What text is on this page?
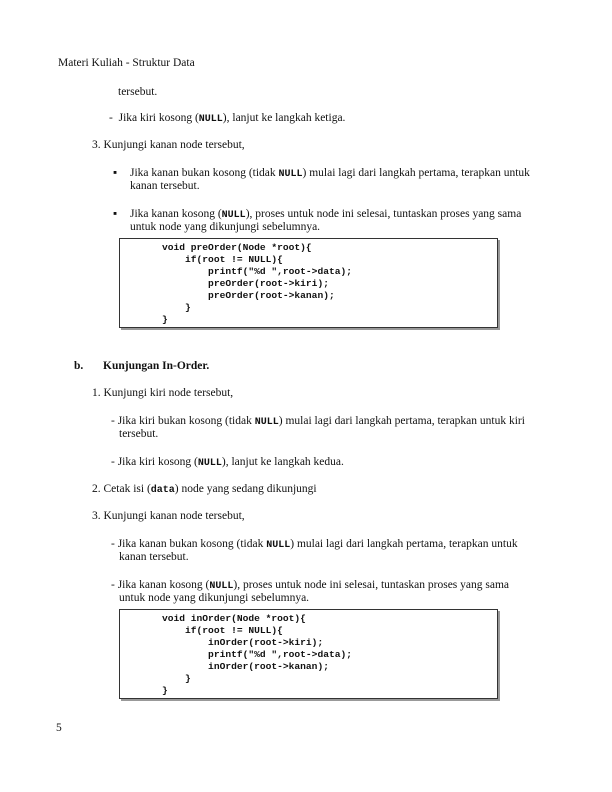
Materi Kuliah - Struktur Data
tersebut.
-  Jika kiri kosong (NULL), lanjut ke langkah ketiga.
3. Kunjungi kanan node tersebut,
▪ Jika kanan bukan kosong (tidak NULL) mulai lagi dari langkah pertama, terapkan untuk
kanan tersebut.
▪ Jika kanan kosong (NULL), proses untuk node ini selesai, tuntaskan proses yang sama
untuk node yang dikunjungi sebelumnya.
void preOrder(Node *root){
if(root != NULL){
printf("%d ",root->data);
preOrder(root->kiri);
preOrder(root->kanan);
}
}
b. Kunjungan In-Order.
1. Kunjungi kiri node tersebut,
- Jika kiri bukan kosong (tidak NULL) mulai lagi dari langkah pertama, terapkan untuk kiri
tersebut.
- Jika kiri kosong (NULL), lanjut ke langkah kedua.
2. Cetak isi (data) node yang sedang dikunjungi
3. Kunjungi kanan node tersebut,
- Jika kanan bukan kosong (tidak NULL) mulai lagi dari langkah pertama, terapkan untuk
kanan tersebut.
- Jika kanan kosong (NULL), proses untuk node ini selesai, tuntaskan proses yang sama
untuk node yang dikunjungi sebelumnya.
void inOrder(Node *root){
if(root != NULL){
inOrder(root->kiri);
printf("%d ",root->data);
inOrder(root->kanan);
}
}
5
